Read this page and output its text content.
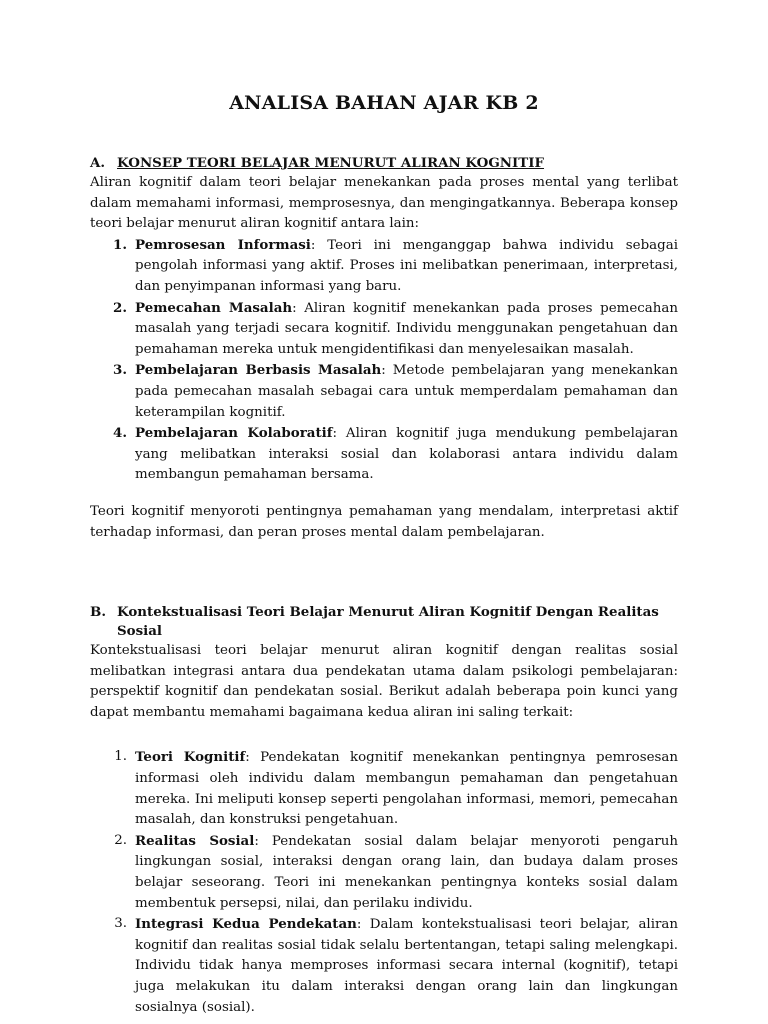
ANALISA BAHAN AJAR KB 2
A. KONSEP TEORI BELAJAR MENURUT ALIRAN KOGNITIF

Aliran kognitif dalam teori belajar menekankan pada proses mental yang terlibat dalam memahami informasi, memprosesnya, dan mengingatkannya. Beberapa konsep teori belajar menurut aliran kognitif antara lain:

1. Pemrosesan Informasi: Teori ini menganggap bahwa individu sebagai pengolah informasi yang aktif. Proses ini melibatkan penerimaan, interpretasi, dan penyimpanan informasi yang baru.
2. Pemecahan Masalah: Aliran kognitif menekankan pada proses pemecahan masalah yang terjadi secara kognitif. Individu menggunakan pengetahuan dan pemahaman mereka untuk mengidentifikasi dan menyelesaikan masalah.
3. Pembelajaran Berbasis Masalah: Metode pembelajaran yang menekankan pada pemecahan masalah sebagai cara untuk memperdalam pemahaman dan keterampilan kognitif.
4. Pembelajaran Kolaboratif: Aliran kognitif juga mendukung pembelajaran yang melibatkan interaksi sosial dan kolaborasi antara individu dalam membangun pemahaman bersama.

Teori kognitif menyoroti pentingnya pemahaman yang mendalam, interpretasi aktif terhadap informasi, dan peran proses mental dalam pembelajaran.

B. Kontekstualisasi Teori Belajar Menurut Aliran Kognitif Dengan Realitas Sosial

Kontekstualisasi teori belajar menurut aliran kognitif dengan realitas sosial melibatkan integrasi antara dua pendekatan utama dalam psikologi pembelajaran: perspektif kognitif dan pendekatan sosial. Berikut adalah beberapa poin kunci yang dapat membantu memahami bagaimana kedua aliran ini saling terkait:

1. Teori Kognitif: Pendekatan kognitif menekankan pentingnya pemrosesan informasi oleh individu dalam membangun pemahaman dan pengetahuan mereka. Ini meliputi konsep seperti pengolahan informasi, memori, pemecahan masalah, dan konstruksi pengetahuan.
2. Realitas Sosial: Pendekatan sosial dalam belajar menyoroti pengaruh lingkungan sosial, interaksi dengan orang lain, dan budaya dalam proses belajar seseorang. Teori ini menekankan pentingnya konteks sosial dalam membentuk persepsi, nilai, dan perilaku individu.
3. Integrasi Kedua Pendekatan: Dalam kontekstualisasi teori belajar, aliran kognitif dan realitas sosial tidak selalu bertentangan, tetapi saling melengkapi. Individu tidak hanya memproses informasi secara internal (kognitif), tetapi juga melakukan itu dalam interaksi dengan orang lain dan lingkungan sosialnya (sosial).
